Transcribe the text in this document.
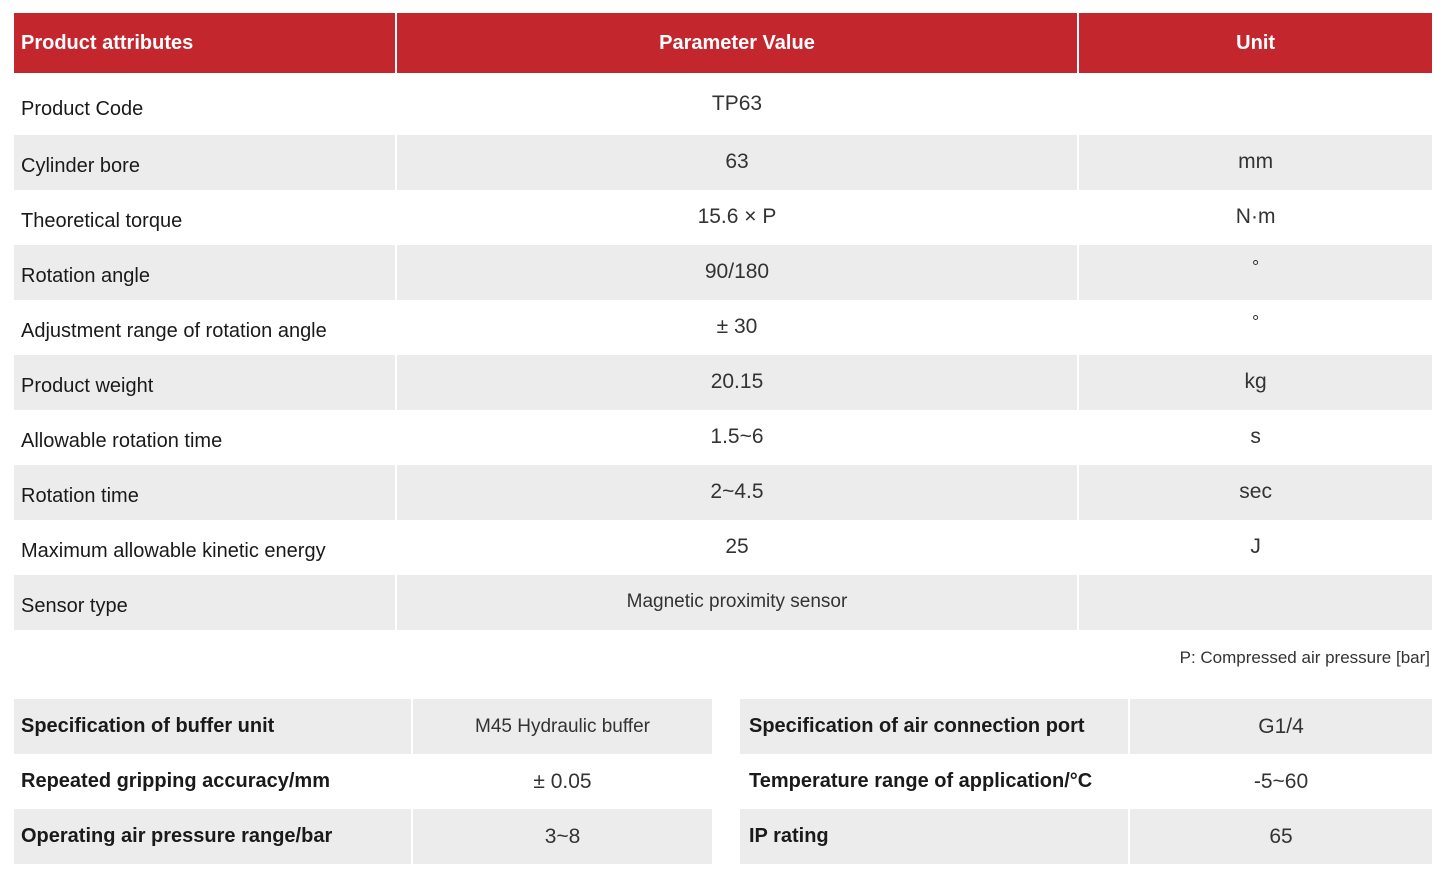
Product attributes	Parameter Value	Unit
Product Code	TP63
Cylinder bore	63	mm
Theoretical torque	15.6 × P	N·m
Rotation angle	90/180	°
Adjustment range of rotation angle	± 30	°
Product weight	20.15	kg
Allowable rotation time	1.5~6	s
Rotation time	2~4.5	sec
Maximum allowable kinetic energy	25	J
Sensor type	Magnetic proximity sensor
P: Compressed air pressure [bar]
Specification of buffer unit	M45 Hydraulic buffer
Repeated gripping accuracy/mm	± 0.05
Operating air pressure range/bar	3~8
Specification of air connection port	G1/4
Temperature range of application/°C	-5~60
IP rating	65
